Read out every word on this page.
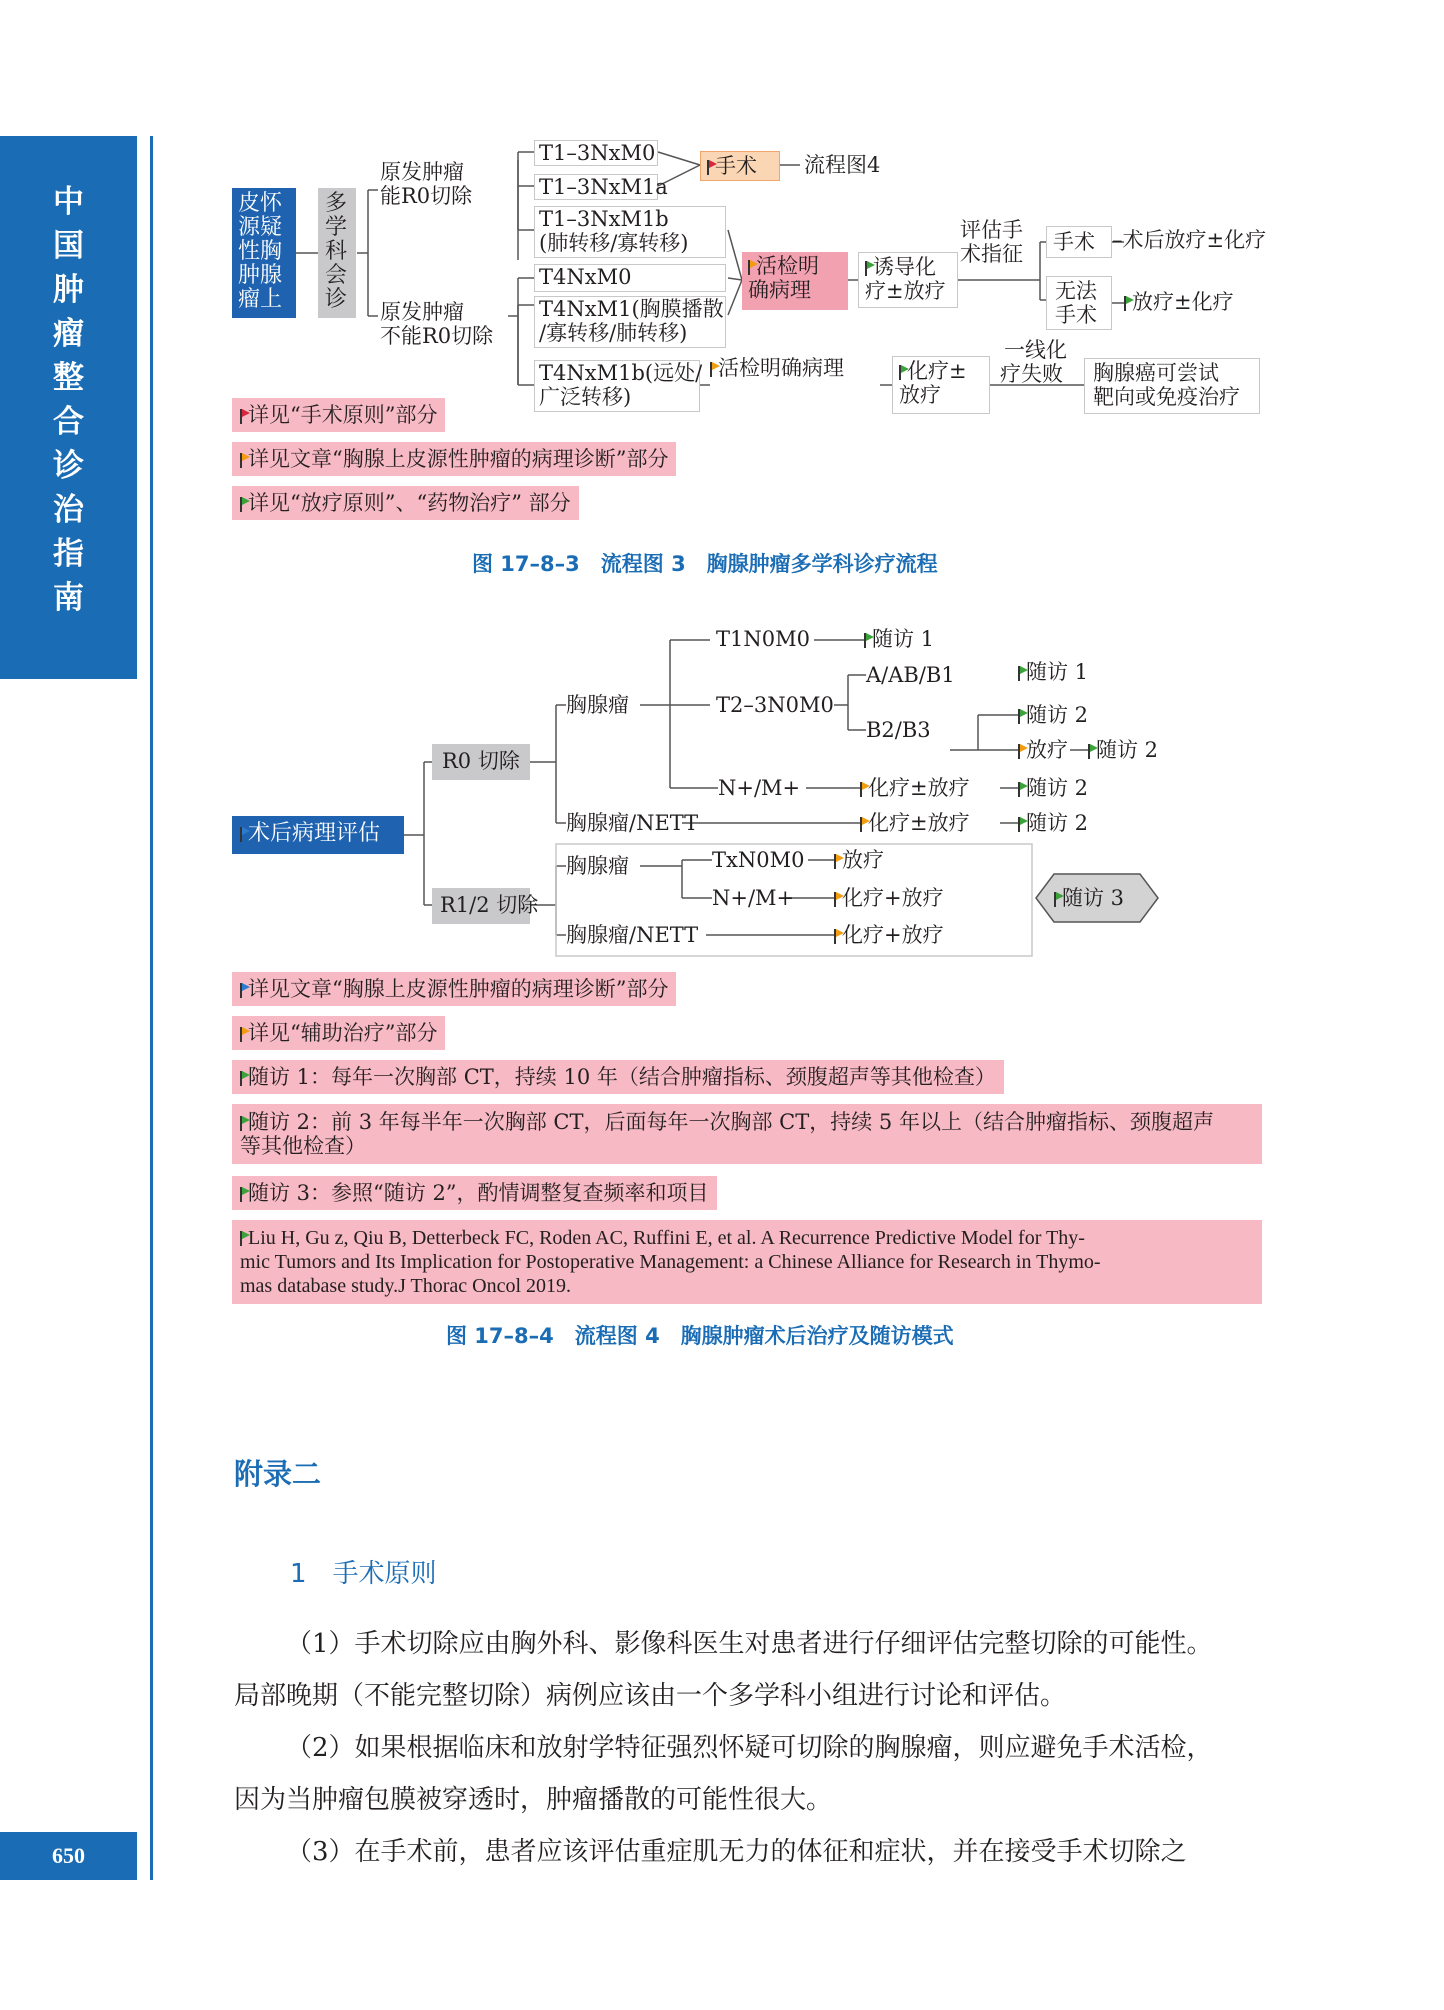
中
国
肿
瘤
整
合
诊
治
指
南
650
皮怀
源疑
性胸
肿腺
瘤上
多
学
科
会
诊
原发肿瘤
能R0切除
原发肿瘤
不能R0切除
T1–3NxM0
T1–3NxM1a
T1–3NxM1b
(肺转移/寡转移)
T4NxM0
T4NxM1(胸膜播散
/寡转移/肺转移)
T4NxM1b(远处/
广泛转移)
手术	流程图4
活检明
确病理
诱导化
疗±放疗
评估手
术指征	手术 –术后放疗±化疗
无法
手术
放疗±化疗
活检明确病理	化疗±
放疗
一线化
疗失败 胸腺癌可尝试
靶向或免疫治疗
详见“手术原则”部分
详见文章“胸腺上皮源性肿瘤的病理诊断”部分
详见“放疗原则”、“药物治疗” 部分
图 17–8–3　流程图 3　胸腺肿瘤多学科诊疗流程
术后病理评估
R0 切除
R1/2 切除
胸腺瘤
胸腺瘤/NETT
T1N0M0	随访 1
T2–3N0M0
A/AB/B1	随访 1
B2/B3
随访 2
放疗	随访 2
N+/M+	化疗±放疗	随访 2
化疗±放疗	随访 2
胸腺瘤	TxN0M0	放疗
N+/M+	化疗+放疗
胸腺瘤/NETT	化疗+放疗
随访 3
详见文章“胸腺上皮源性肿瘤的病理诊断”部分
详见“辅助治疗”部分
随访 1：每年一次胸部 CT，持续 10 年（结合肿瘤指标、颈腹超声等其他检查）
随访 2：前 3 年每半年一次胸部 CT，后面每年一次胸部 CT，持续 5 年以上（结合肿瘤指标、颈腹超声
等其他检查）
随访 3：参照“随访 2”，酌情调整复查频率和项目
Liu H, Gu z, Qiu B, Detterbeck FC, Roden AC, Ruffini E, et al. A Recurrence Predictive Model for Thy-
mic Tumors and Its Implication for Postoperative Management: a Chinese Alliance for Research in Thymo-
mas database study.J Thorac Oncol 2019.
图 17–8–4　流程图 4　胸腺肿瘤术后治疗及随访模式
附录二
1　手术原则
（1）手术切除应由胸外科、影像科医生对患者进行仔细评估完整切除的可能性。
局部晚期（不能完整切除）病例应该由一个多学科小组进行讨论和评估。
（2）如果根据临床和放射学特征强烈怀疑可切除的胸腺瘤，则应避免手术活检，
因为当肿瘤包膜被穿透时，肿瘤播散的可能性很大。
（3）在手术前，患者应该评估重症肌无力的体征和症状，并在接受手术切除之
